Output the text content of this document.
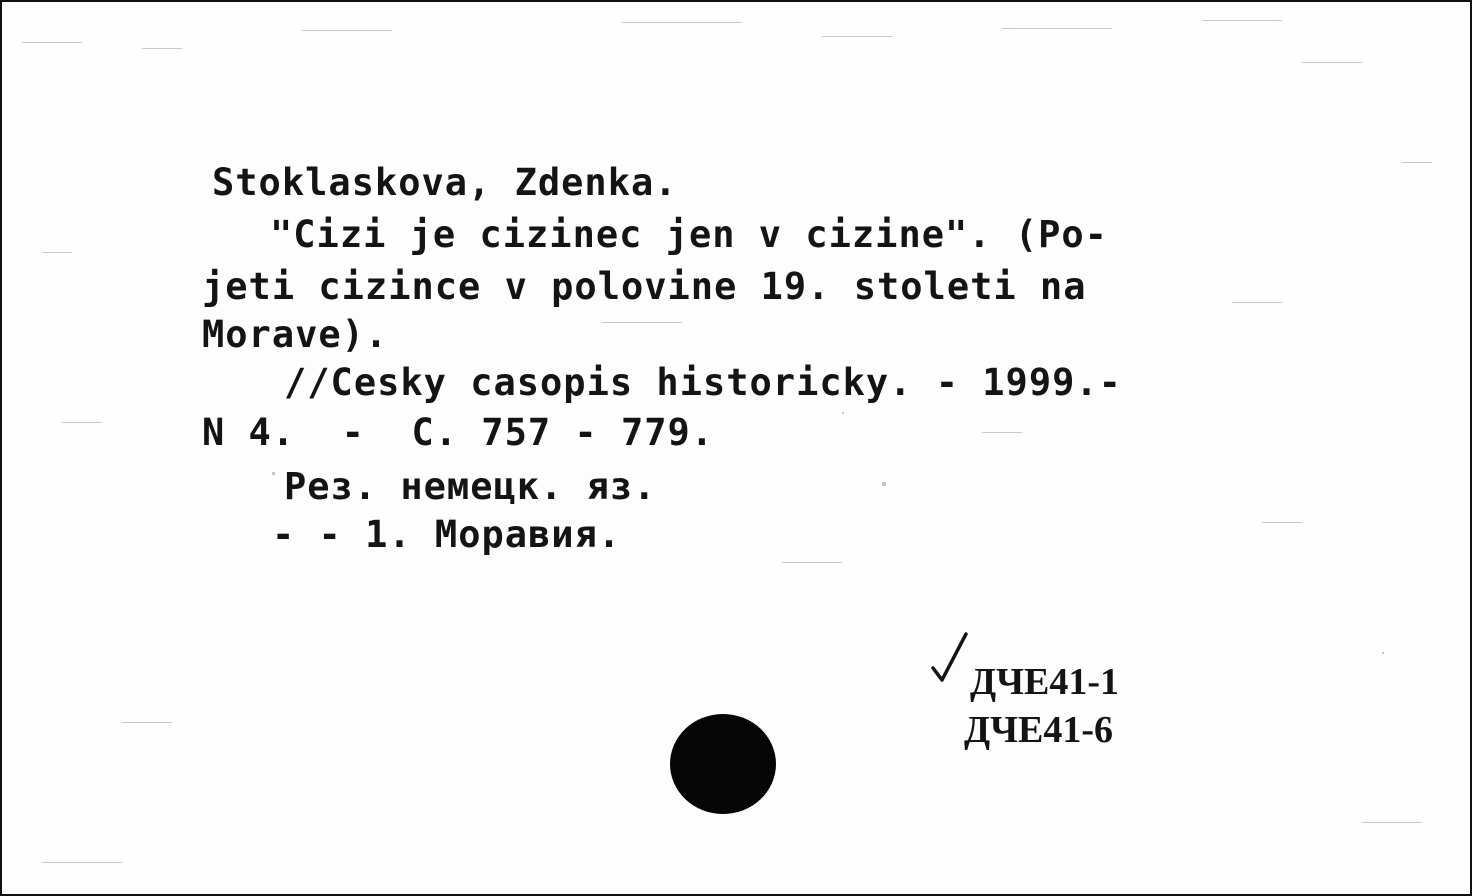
Stoklaskova, Zdenka.
"Cizi je cizinec jen v cizine". (Po-
jeti cizince v polovine 19. stoleti na
Morave).
//Cesky casopis historicky. - 1999.-
N 4.  -  C. 757 - 779.
Рез. немецк. яз.
- - 1. Моравия.
ДЧЕ41-1
ДЧЕ41-6
